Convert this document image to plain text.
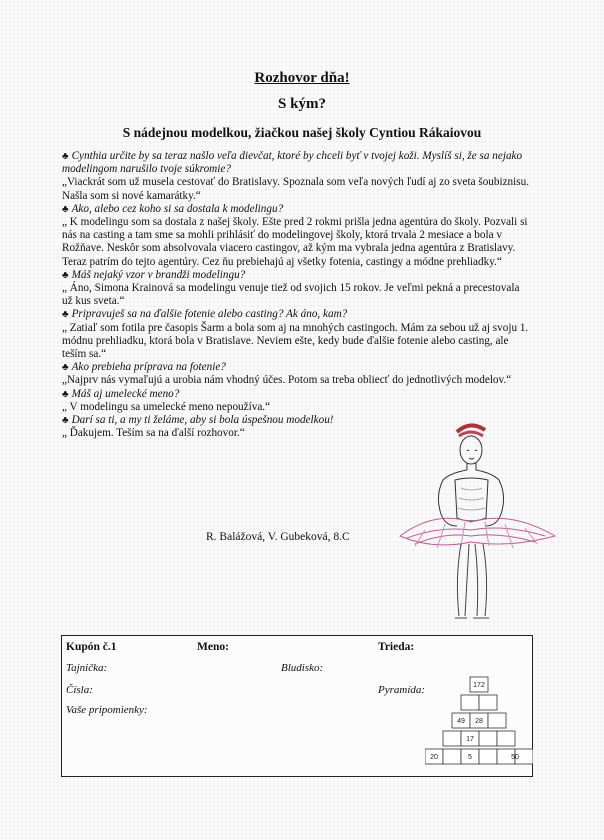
Rozhovor dňa!
S kým?
S nádejnou modelkou, žiačkou našej školy Cyntiou Rákaiovou

♣ Cynthia určite by sa teraz našlo veľa dievčat, ktoré by chceli byť v tvojej koži. Myslíš si, že sa nejako modelingom narušilo tvoje súkromie?

„Viackrát som už musela cestovať do Bratislavy. Spoznala som veľa nových ľudí aj zo sveta šoubiznisu. Našla som si nové kamarátky.“

♣ Ako, alebo cez koho si sa dostala k modelingu?

„ K modelingu som sa dostala z našej školy. Ešte pred 2 rokmi prišla jedna agentúra do školy. Pozvali si nás na casting a tam sme sa mohli prihlásiť do modelingovej školy, ktorá trvala 2 mesiace a bola v Rožňave. Neskôr som absolvovala viacero castingov, až kým ma vybrala jedna agentúra z Bratislavy. Teraz patrím do tejto agentúry. Cez ňu prebiehajú aj všetky fotenia, castingy a módne prehliadky.“

♣ Máš nejaký vzor v brandži modelingu?

„ Áno, Simona Krainová sa modelingu venuje tiež od svojich 15 rokov. Je veľmi pekná a precestovala už kus sveta.“

♣ Pripravuješ sa na ďalšie fotenie alebo casting? Ak áno, kam?

„ Zatiaľ som fotila pre časopis Šarm a bola som aj na mnohých castingoch. Mám za sebou už aj svoju 1. módnu prehliadku, ktorá bola v Bratislave. Neviem ešte, kedy bude ďalšie fotenie alebo casting, ale teším sa.“

♣ Ako prebieha príprava na fotenie?

„Najprv nás vymaľujú a urobia nám vhodný účes. Potom sa treba obliecť do jednotlivých modelov.“

♣ Máš aj umelecké meno?

„ V modelingu sa umelecké meno nepoužíva.“

♣ Darí sa ti, a my ti želáme, aby si bola úspešnou modelkou!

„ Ďakujem. Teším sa na ďalší rozhovor.“

R. Balážová, V. Gubeková, 8.C
Kupón č.1	Meno:	Trieda:
Tajnička:	Bludisko:
Čísla:	Pyramída:
Vaše pripomienky:
172
49 28
17
20	5	50
